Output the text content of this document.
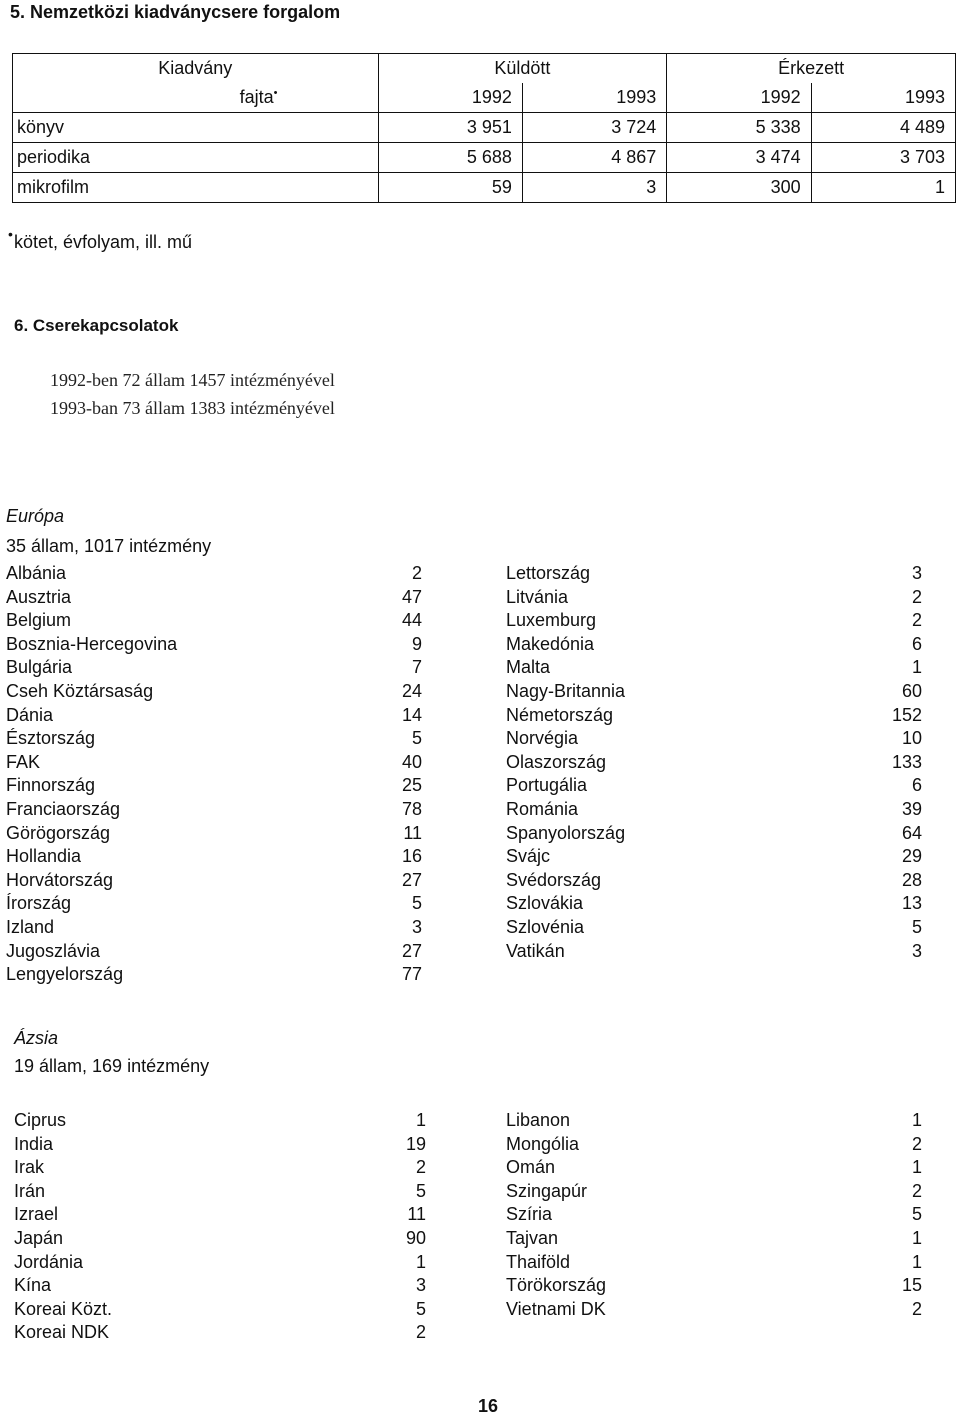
5. Nemzetközi kiadványcsere forgalom
Kiadvány	Küldött		Érkezett	
fajta•	1992	1993	1992	1993
könyv	3 951	3 724	5 338	4 489
periodika	5 688	4 867	3 474	3 703
mikrofilm	59	3	300	1
• kötet, évfolyam, ill. mű
6. Cserekapcsolatok
1992-ben 72 állam 1457 intézményével
1993-ban 73 állam 1383 intézményével
Európa
35 állam, 1017 intézmény
Albánia	2
Ausztria	47
Belgium	44
Bosznia-Hercegovina	9
Bulgária	7
Cseh Köztársaság	24
Dánia	14
Észtország	5
FAK	40
Finnország	25
Franciaország	78
Görögország	11
Hollandia	16
Horvátország	27
Írország	5
Izland	3
Jugoszlávia	27
Lengyelország	77
Lettország	3
Litvánia	2
Luxemburg	2
Makedónia	6
Malta	1
Nagy-Britannia	60
Németország	152
Norvégia	10
Olaszország	133
Portugália	6
Románia	39
Spanyolország	64
Svájc	29
Svédország	28
Szlovákia	13
Szlovénia	5
Vatikán	3
Ázsia
19 állam, 169 intézmény
Ciprus	1
India	19
Irak	2
Irán	5
Izrael	11
Japán	90
Jordánia	1
Kína	3
Koreai Közt.	5
Koreai NDK	2
Libanon	1
Mongólia	2
Omán	1
Szingapúr	2
Szíria	5
Tajvan	1
Thaiföld	1
Törökország	15
Vietnami DK	2
16
